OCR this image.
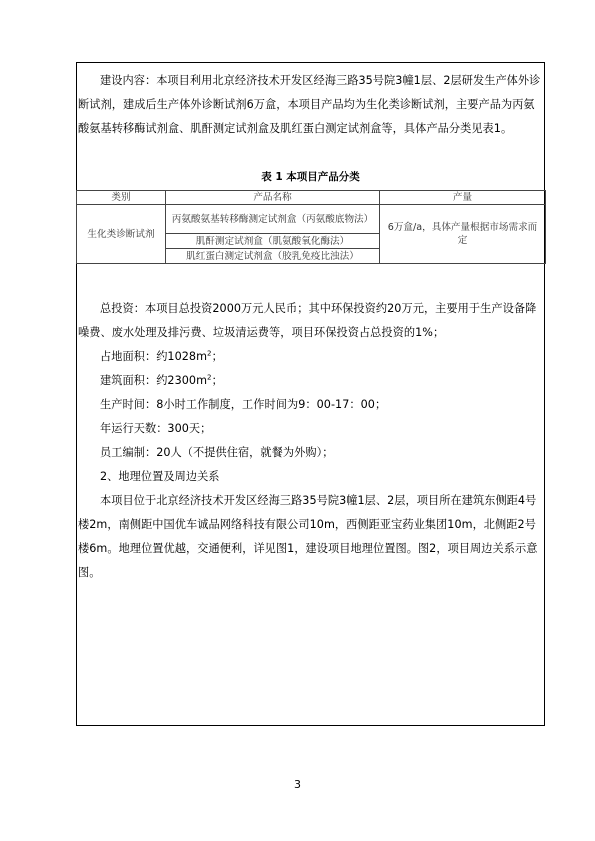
建设内容：本项目利用北京经济技术开发区经海三路35号院3幢1层、2层研发生产体外诊断试剂，建成后生产体外诊断试剂6万盒，本项目产品均为生化类诊断试剂，主要产品为丙氨酸氨基转移酶试剂盒、肌酐测定试剂盒及肌红蛋白测定试剂盒等，具体产品分类见表1。

表 1 本项目产品分类
类别	产品名称	产量
生化类诊断试剂	丙氨酸氨基转移酶测定试剂盒（丙氨酸底物法）	6万盒/a，具体产量根据市场需求而定
	肌酐测定试剂盒（肌氨酸氧化酶法）	
	肌红蛋白测定试剂盒（胶乳免疫比浊法）	

总投资：本项目总投资2000万元人民币；其中环保投资约20万元，主要用于生产设备降噪费、废水处理及排污费、垃圾清运费等，项目环保投资占总投资的1%；

占地面积：约$1028m^2$；

建筑面积：约$2300m^2$；

生产时间：8小时工作制度，工作时间为9：00-17：00；

年运行天数：300天；

员工编制：20人（不提供住宿，就餐为外购）；

2、地理位置及周边关系

本项目位于北京经济技术开发区经海三路35号院3幢1层、2层，项目所在建筑东侧距4号楼2m，南侧距中国优车诚品网络科技有限公司10m，西侧距亚宝药业集团10m，北侧距2号楼6m。地理位置优越，交通便利，详见图1，建设项目地理位置图。图2，项目周边关系示意图。

3
